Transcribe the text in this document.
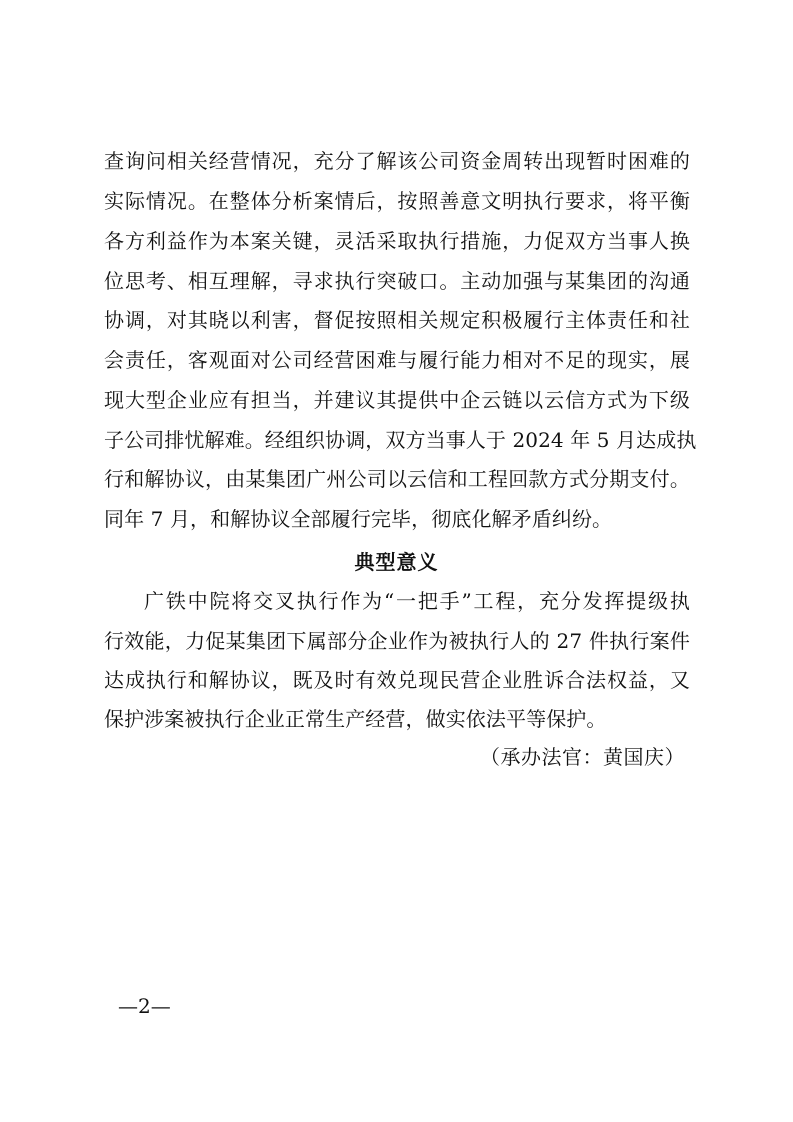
查询问相关经营情况，充分了解该公司资金周转出现暂时困难的
实际情况。在整体分析案情后，按照善意文明执行要求，将平衡
各方利益作为本案关键，灵活采取执行措施，力促双方当事人换
位思考、相互理解，寻求执行突破口。主动加强与某集团的沟通
协调，对其晓以利害，督促按照相关规定积极履行主体责任和社
会责任，客观面对公司经营困难与履行能力相对不足的现实，展
现大型企业应有担当，并建议其提供中企云链以云信方式为下级
子公司排忧解难。经组织协调，双方当事人于 2024 年 5 月达成执
行和解协议，由某集团广州公司以云信和工程回款方式分期支付。
同年 7 月，和解协议全部履行完毕，彻底化解矛盾纠纷。
典型意义
广铁中院将交叉执行作为“一把手”工程，充分发挥提级执
行效能，力促某集团下属部分企业作为被执行人的 27 件执行案件
达成执行和解协议，既及时有效兑现民营企业胜诉合法权益，又
保护涉案被执行企业正常生产经营，做实依法平等保护。
（承办法官：黄国庆）
—2—
